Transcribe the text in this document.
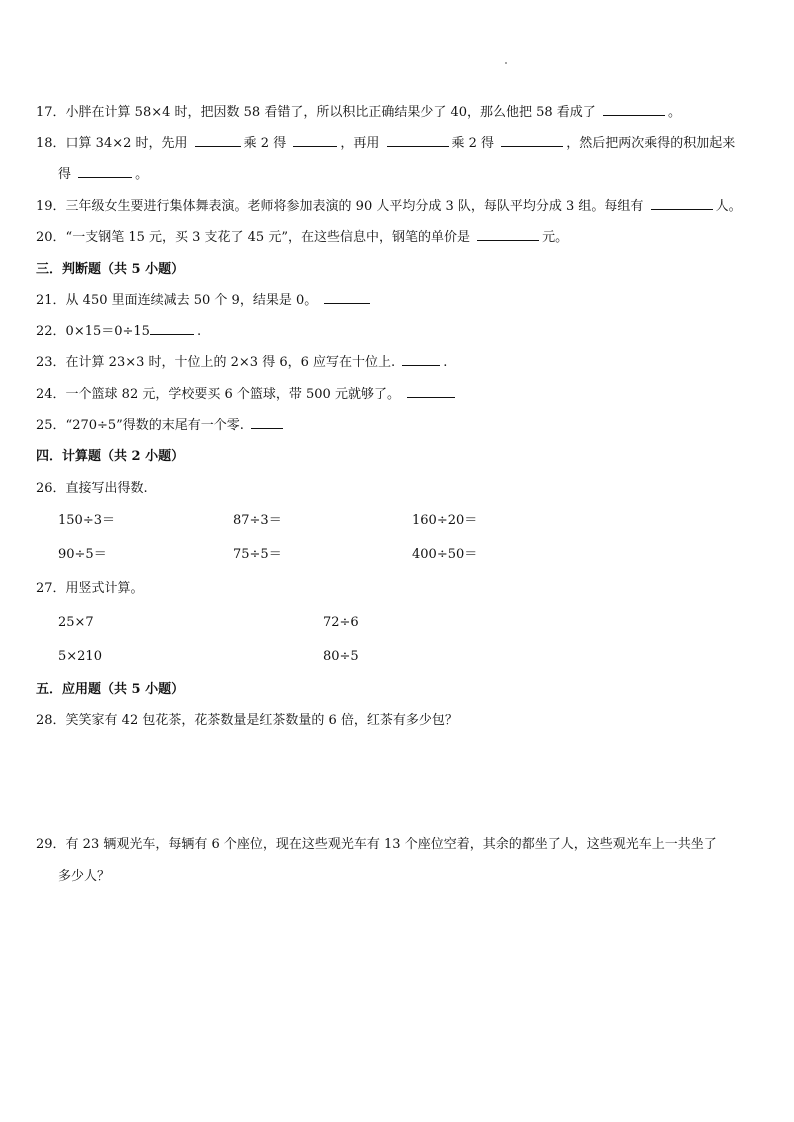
17．小胖在计算 58×4 时，把因数 58 看错了，所以积比正确结果少了 40，那么他把 58 看成了	。
18．口算 34×2 时，先用	乘 2 得	，再用	乘 2 得	，然后把两次乘得的积加起来
得	。
19．三年级女生要进行集体舞表演。老师将参加表演的 90 人平均分成 3 队，每队平均分成 3 组。每组有	人。
20．“一支钢笔 15 元，买 3 支花了 45 元”，在这些信息中，钢笔的单价是	元。
三．判断题（共 5 小题）
21．从 450 里面连续减去 50 个 9，结果是 0。
22．0×15＝0÷15	.
23．在计算 23×3 时，十位上的 2×3 得 6，6 应写在十位上.	.
24．一个篮球 82 元，学校要买 6 个篮球，带 500 元就够了。
25．“270÷5”得数的末尾有一个零.
四．计算题（共 2 小题）
26．直接写出得数.
150÷3＝	87÷3＝	160÷20＝
90÷5＝	75÷5＝	400÷50＝
27．用竖式计算。
25×7	72÷6
5×210	80÷5
五．应用题（共 5 小题）
28．笑笑家有 42 包花茶，花茶数量是红茶数量的 6 倍，红茶有多少包？
29．有 23 辆观光车，每辆有 6 个座位，现在这些观光车有 13 个座位空着，其余的都坐了人，这些观光车上一共坐了
多少人？
